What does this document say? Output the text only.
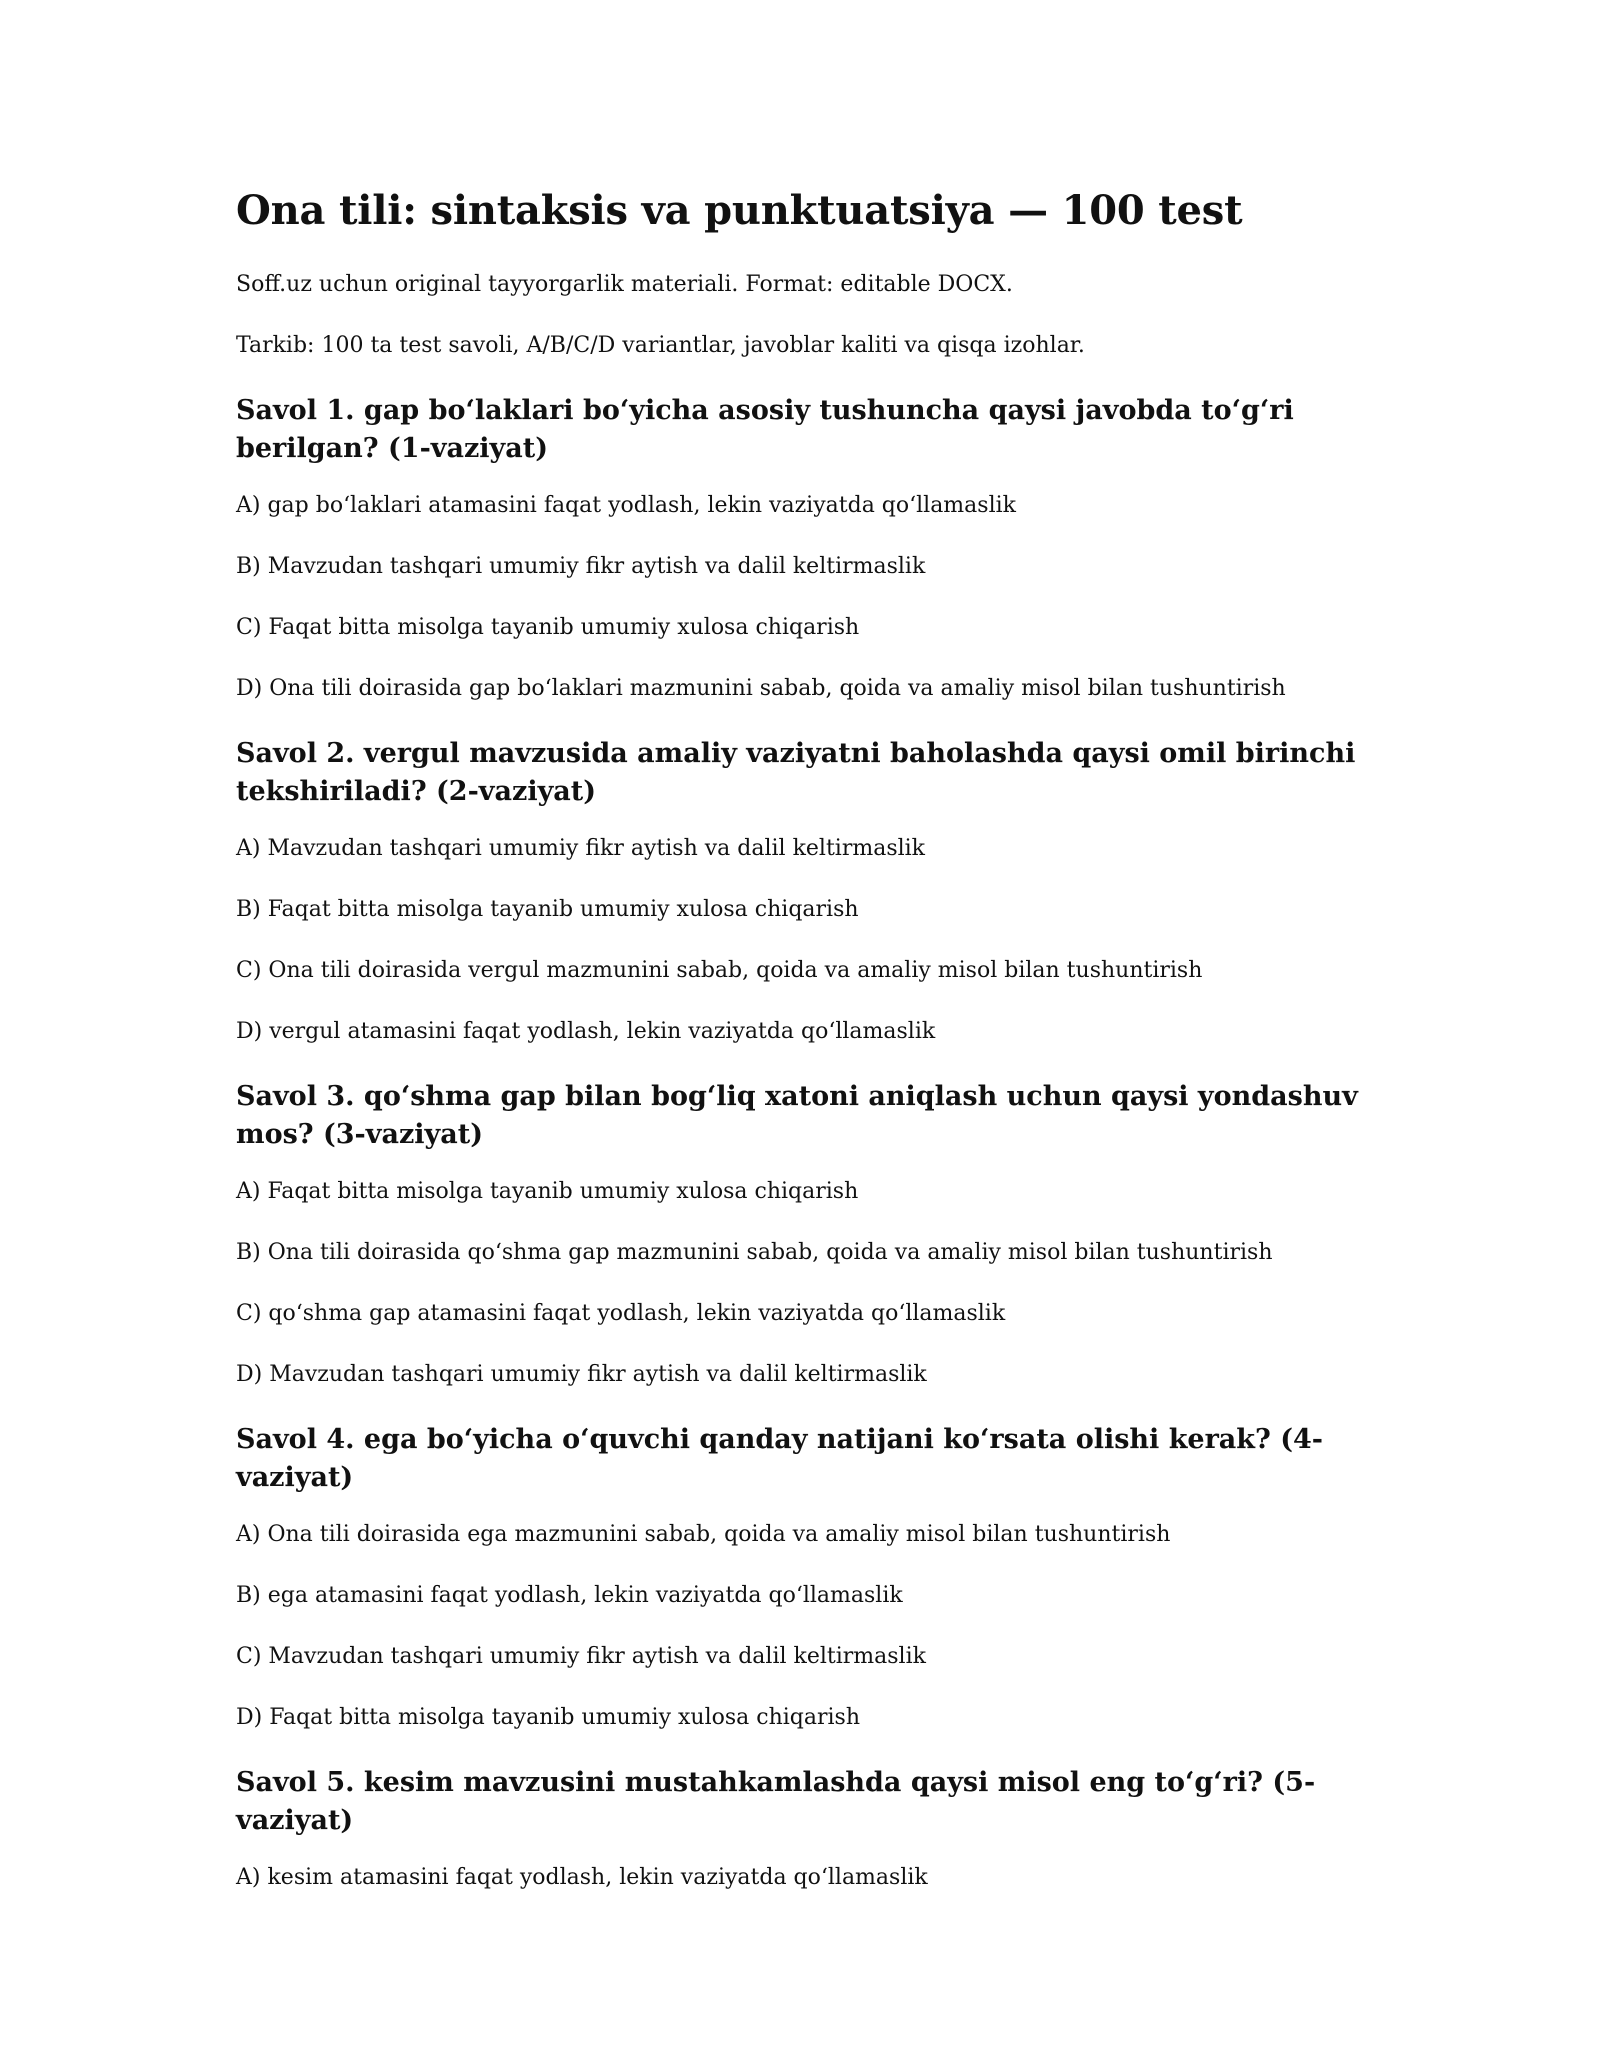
Ona tili: sintaksis va punktuatsiya — 100 test

Soff.uz uchun original tayyorgarlik materiali. Format: editable DOCX.

Tarkib: 100 ta test savoli, A/B/C/D variantlar, javoblar kaliti va qisqa izohlar.

Savol 1. gap bo‘laklari bo‘yicha asosiy tushuncha qaysi javobda to‘g‘ri berilgan? (1-vaziyat)

A) gap bo‘laklari atamasini faqat yodlash, lekin vaziyatda qo‘llamaslik

B) Mavzudan tashqari umumiy fikr aytish va dalil keltirmaslik

C) Faqat bitta misolga tayanib umumiy xulosa chiqarish

D) Ona tili doirasida gap bo‘laklari mazmunini sabab, qoida va amaliy misol bilan tushuntirish

Savol 2. vergul mavzusida amaliy vaziyatni baholashda qaysi omil birinchi tekshiriladi? (2-vaziyat)

A) Mavzudan tashqari umumiy fikr aytish va dalil keltirmaslik

B) Faqat bitta misolga tayanib umumiy xulosa chiqarish

C) Ona tili doirasida vergul mazmunini sabab, qoida va amaliy misol bilan tushuntirish

D) vergul atamasini faqat yodlash, lekin vaziyatda qo‘llamaslik

Savol 3. qo‘shma gap bilan bog‘liq xatoni aniqlash uchun qaysi yondashuv mos? (3-vaziyat)

A) Faqat bitta misolga tayanib umumiy xulosa chiqarish

B) Ona tili doirasida qo‘shma gap mazmunini sabab, qoida va amaliy misol bilan tushuntirish

C) qo‘shma gap atamasini faqat yodlash, lekin vaziyatda qo‘llamaslik

D) Mavzudan tashqari umumiy fikr aytish va dalil keltirmaslik

Savol 4. ega bo‘yicha o‘quvchi qanday natijani ko‘rsata olishi kerak? (4-vaziyat)

A) Ona tili doirasida ega mazmunini sabab, qoida va amaliy misol bilan tushuntirish

B) ega atamasini faqat yodlash, lekin vaziyatda qo‘llamaslik

C) Mavzudan tashqari umumiy fikr aytish va dalil keltirmaslik

D) Faqat bitta misolga tayanib umumiy xulosa chiqarish

Savol 5. kesim mavzusini mustahkamlashda qaysi misol eng to‘g‘ri? (5-vaziyat)

A) kesim atamasini faqat yodlash, lekin vaziyatda qo‘llamaslik
